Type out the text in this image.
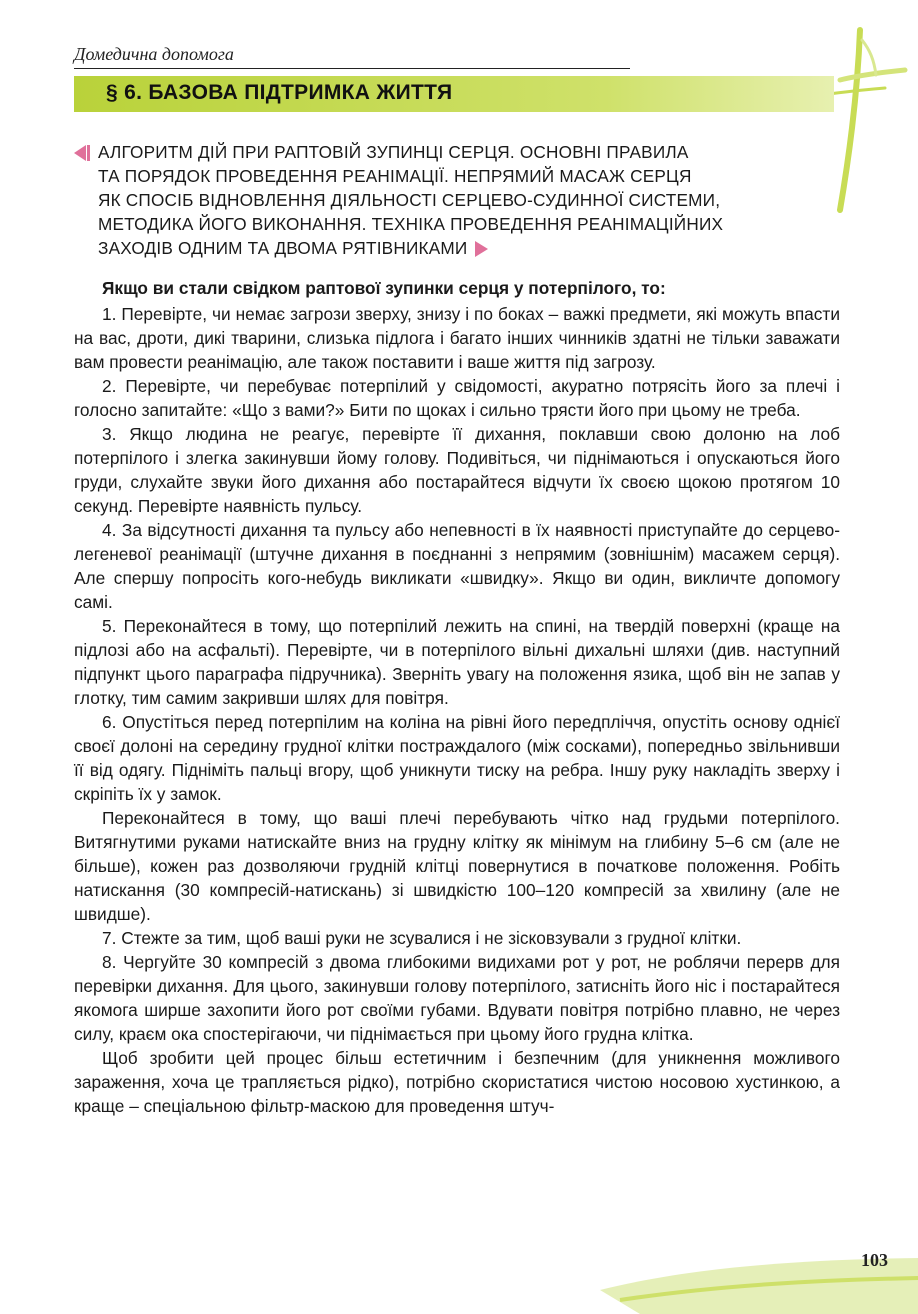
Домедична допомога
§ 6. БАЗОВА ПІДТРИМКА ЖИТТЯ
АЛГОРИТМ ДІЙ ПРИ РАПТОВІЙ ЗУПИНЦІ СЕРЦЯ. ОСНОВНІ ПРАВИЛА
ТА ПОРЯДОК ПРОВЕДЕННЯ РЕАНІМАЦІЇ. НЕПРЯМИЙ МАСАЖ СЕРЦЯ
ЯК СПОСІБ ВІДНОВЛЕННЯ ДІЯЛЬНОСТІ СЕРЦЕВО-СУДИННОЇ СИСТЕМИ,
МЕТОДИКА ЙОГО ВИКОНАННЯ. ТЕХНІКА ПРОВЕДЕННЯ РЕАНІМАЦІЙНИХ
ЗАХОДІВ ОДНИМ ТА ДВОМА РЯТІВНИКАМИ

Якщо ви стали свідком раптової зупинки серця у потерпілого, то:

1. Перевірте, чи немає загрози зверху, знизу і по боках – важкі предмети, які можуть впасти на вас, дроти, дикі тварини, слизька підлога і багато інших чинників здатні не тільки заважати вам провести реанімацію, але також поставити і ваше життя під загрозу.

2. Перевірте, чи перебуває потерпілий у свідомості, акуратно потрясіть його за плечі і голосно запитайте: «Що з вами?» Бити по щоках і сильно трясти його при цьому не треба.

3. Якщо людина не реагує, перевірте її дихання, поклавши свою долоню на лоб потерпілого і злегка закинувши йому голову. Подивіться, чи піднімаються і опускаються його груди, слухайте звуки його дихання або постарайтеся відчути їх своєю щокою протягом 10 секунд. Перевірте наявність пульсу.

4. За відсутності дихання та пульсу або непевності в їх наявності приступайте до серцево-легеневої реанімації (штучне дихання в поєднанні з непрямим (зовнішнім) масажем серця). Але спершу попросіть кого-небудь викликати «швидку». Якщо ви один, викличте допомогу самі.

5. Переконайтеся в тому, що потерпілий лежить на спині, на твердій поверхні (краще на підлозі або на асфальті). Перевірте, чи в потерпілого вільні дихальні шляхи (див. наступний підпункт цього параграфа підручника). Зверніть увагу на положення язика, щоб він не запав у глотку, тим самим закривши шлях для повітря.

6. Опустіться перед потерпілим на коліна на рівні його передпліччя, опустіть основу однієї своєї долоні на середину грудної клітки постраждалого (між сосками), попередньо звільнивши її від одягу. Підніміть пальці вгору, щоб уникнути тиску на ребра. Іншу руку накладіть зверху і скріпіть їх у замок.

Переконайтеся в тому, що ваші плечі перебувають чітко над грудьми потерпілого. Витягнутими руками натискайте вниз на грудну клітку як мінімум на глибину 5–6 см (але не більше), кожен раз дозволяючи грудній клітці повернутися в початкове положення. Робіть натискання (30 компресій-натискань) зі швидкістю 100–120 компресій за хвилину (але не швидше).

7. Стежте за тим, щоб ваші руки не зсувалися і не зісковзували з грудної клітки.

8. Чергуйте 30 компресій з двома глибокими видихами рот у рот, не роблячи перерв для перевірки дихання. Для цього, закинувши голову потерпілого, затисніть його ніс і постарайтеся якомога ширше захопити його рот своїми губами. Вдувати повітря потрібно плавно, не через силу, краєм ока спостерігаючи, чи піднімається при цьому його грудна клітка.

Щоб зробити цей процес більш естетичним і безпечним (для уникнення можливого зараження, хоча це трапляється рідко), потрібно скористатися чистою носовою хустинкою, а краще – спеціальною фільтр-маскою для проведення штуч-

103
